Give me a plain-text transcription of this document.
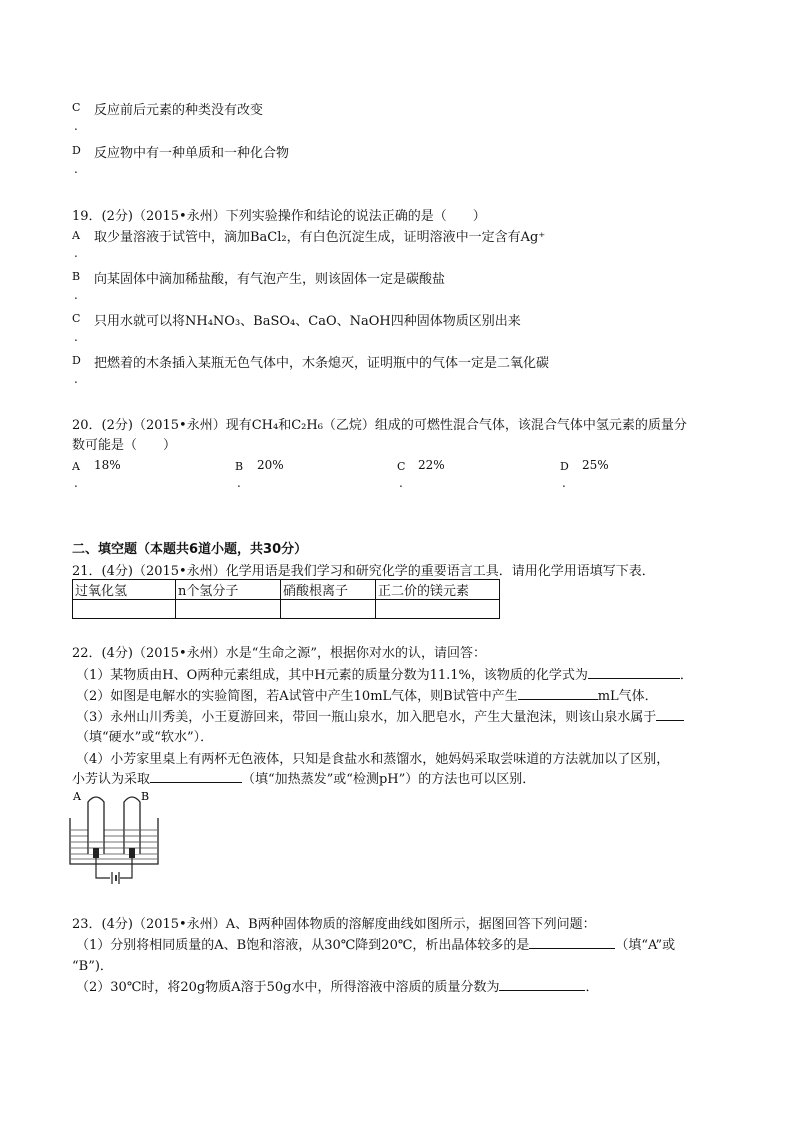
C 反应前后元素的种类没有改变
.
D 反应物中有一种单质和一种化合物
.
19．(2分)（2015•永州）下列实验操作和结论的说法正确的是（　　）
A 取少量溶液于试管中，滴加BaCl₂，有白色沉淀生成，证明溶液中一定含有Ag⁺
.
B 向某固体中滴加稀盐酸，有气泡产生，则该固体一定是碳酸盐
.
C 只用水就可以将NH₄NO₃、BaSO₄、CaO、NaOH四种固体物质区别出来
.
D 把燃着的木条插入某瓶无色气体中，木条熄灭，证明瓶中的气体一定是二氧化碳
.
20．(2分)（2015•永州）现有CH₄和C₂H₆（乙烷）组成的可燃性混合气体，该混合气体中氢元素的质量分
数可能是（　　）
A 18%
.
B 20%
.
C 22%
.
D 25%
.
二、填空题（本题共6道小题，共30分）
21．(4分)（2015•永州）化学用语是我们学习和研究化学的重要语言工具．请用化学用语填写下表．
过氧化氢	n个氢分子	硝酸根离子	正二价的镁元素

22．(4分)（2015•永州）水是“生命之源”，根据你对水的认，请回答：
（1）某物质由H、O两种元素组成，其中H元素的质量分数为11.1%，该物质的化学式为	．
（2）如图是电解水的实验简图，若A试管中产生10mL气体，则B试管中产生	mL气体．
（3）永州山川秀美，小王夏游回来，带回一瓶山泉水，加入肥皂水，产生大量泡沫，则该山泉水属于
（填“硬水”或“软水”）．
（4）小芳家里桌上有两杯无色液体，只知是食盐水和蒸馏水，她妈妈采取尝味道的方法就加以了区别，
小芳认为采取	（填“加热蒸发”或“检测pH”）的方法也可以区别．
A	B
23．(4分)（2015•永州）A、B两种固体物质的溶解度曲线如图所示，据图回答下列问题：
（1）分别将相同质量的A、B饱和溶液，从30℃降到20℃，析出晶体较多的是	（填“A”或
“B”)．
（2）30℃时，将20g物质A溶于50g水中，所得溶液中溶质的质量分数为	．
